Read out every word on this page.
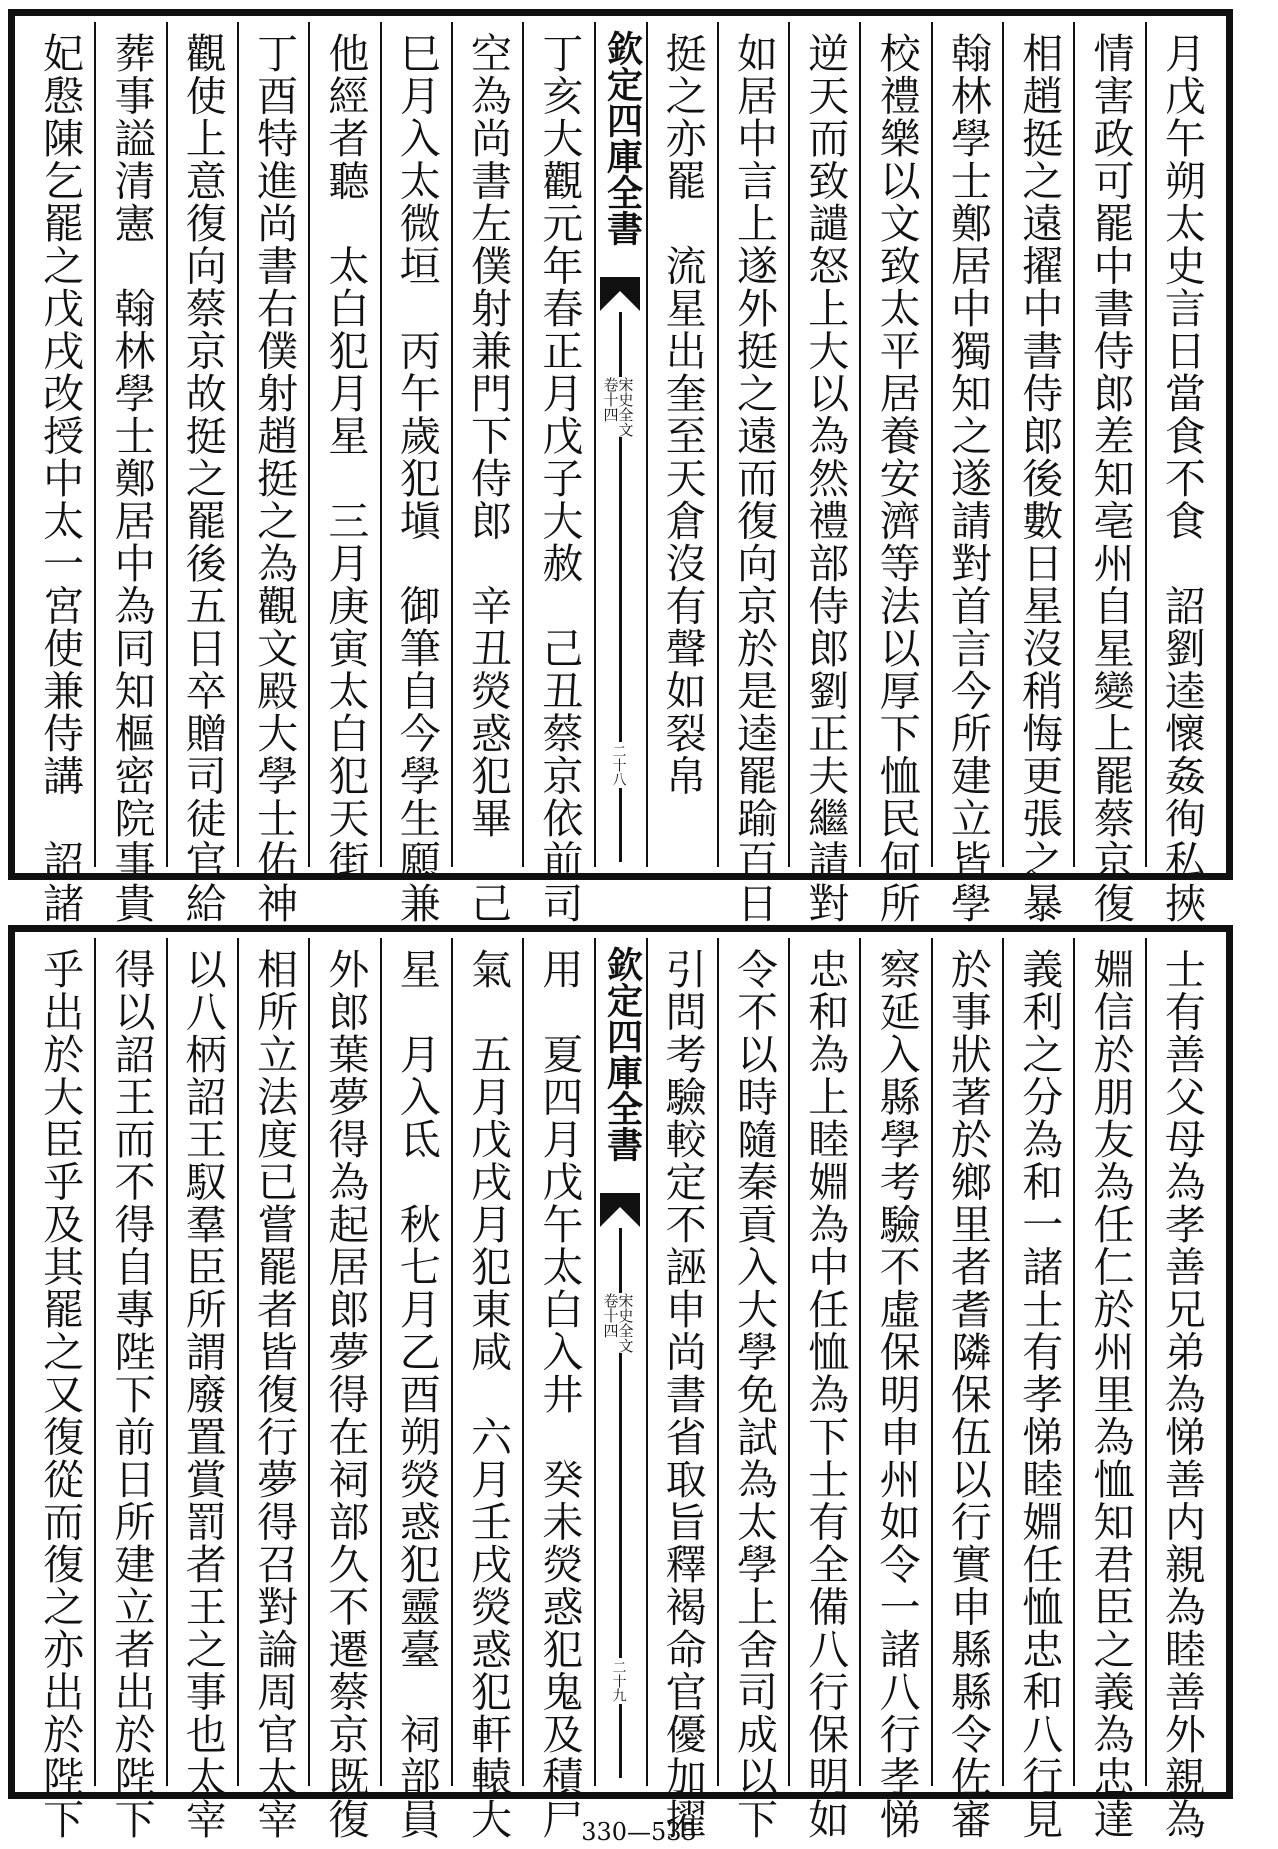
月戊午朔太史言日當食不食　詔劉逵懷姦徇私挾
情害政可罷中書侍郎差知亳州自星變上罷蔡京復
相趙挺之遠擢中書侍郎後數日星沒稍悔更張之暴
翰林學士鄭居中獨知之遂請對首言今所建立皆學
校禮樂以文致太平居養安濟等法以厚下恤民何所
逆天而致譴怒上大以為然禮部侍郎劉正夫繼請對
如居中言上遂外挺之遠而復向京於是逵罷踰百日
挺之亦罷　流星出奎至天倉沒有聲如裂帛
欽定四庫全書
宋史全文 卷十四
二十八
丁亥大觀元年春正月戊子大赦　己丑蔡京依前司
空為尚書左僕射兼門下侍郎　辛丑熒惑犯畢　己
巳月入太微垣　丙午歲犯塡　御筆自今學生願兼
他經者聽　太白犯月星　三月庚寅太白犯天街
丁酉特進尚書右僕射趙挺之為觀文殿大學士佑神
觀使上意復向蔡京故挺之罷後五日卒贈司徒官給
葬事謚清憲　翰林學士鄭居中為同知樞密院事貴
妃慇陳乞罷之戊戌改授中太一宮使兼侍講　詔諸
士有善父母為孝善兄弟為悌善内親為睦善外親為
婣信於朋友為任仁於州里為恤知君臣之義為忠達
義利之分為和一諸士有孝悌睦婣任恤忠和八行見
於事狀著於鄉里者耆隣保伍以行實申縣縣令佐審
察延入縣學考驗不虛保明申州如令一諸八行孝悌
忠和為上睦婣為中任恤為下士有全備八行保明如
令不以時隨秦貢入大學免試為太學上舍司成以下
引問考驗較定不誣申尚書省取旨釋褐命官優加擢
欽定四庫全書
宋史全文 卷十四
二十九
用　夏四月戊午太白入井　癸未熒惑犯鬼及積尸
氣　五月戊戌月犯東咸　六月壬戌熒惑犯軒轅大
星　月入氐　秋七月乙酉朔熒惑犯靈臺　祠部員
外郎葉夢得為起居郎夢得在祠部久不遷蔡京既復
相所立法度已嘗罷者皆復行夢得召對論周官太宰
以八柄詔王馭羣臣所謂廢置賞罰者王之事也太宰
得以詔王而不得自專陛下前日所建立者出於陛下
乎出於大臣乎及其罷之又復從而復之亦出於陛下	330—535
